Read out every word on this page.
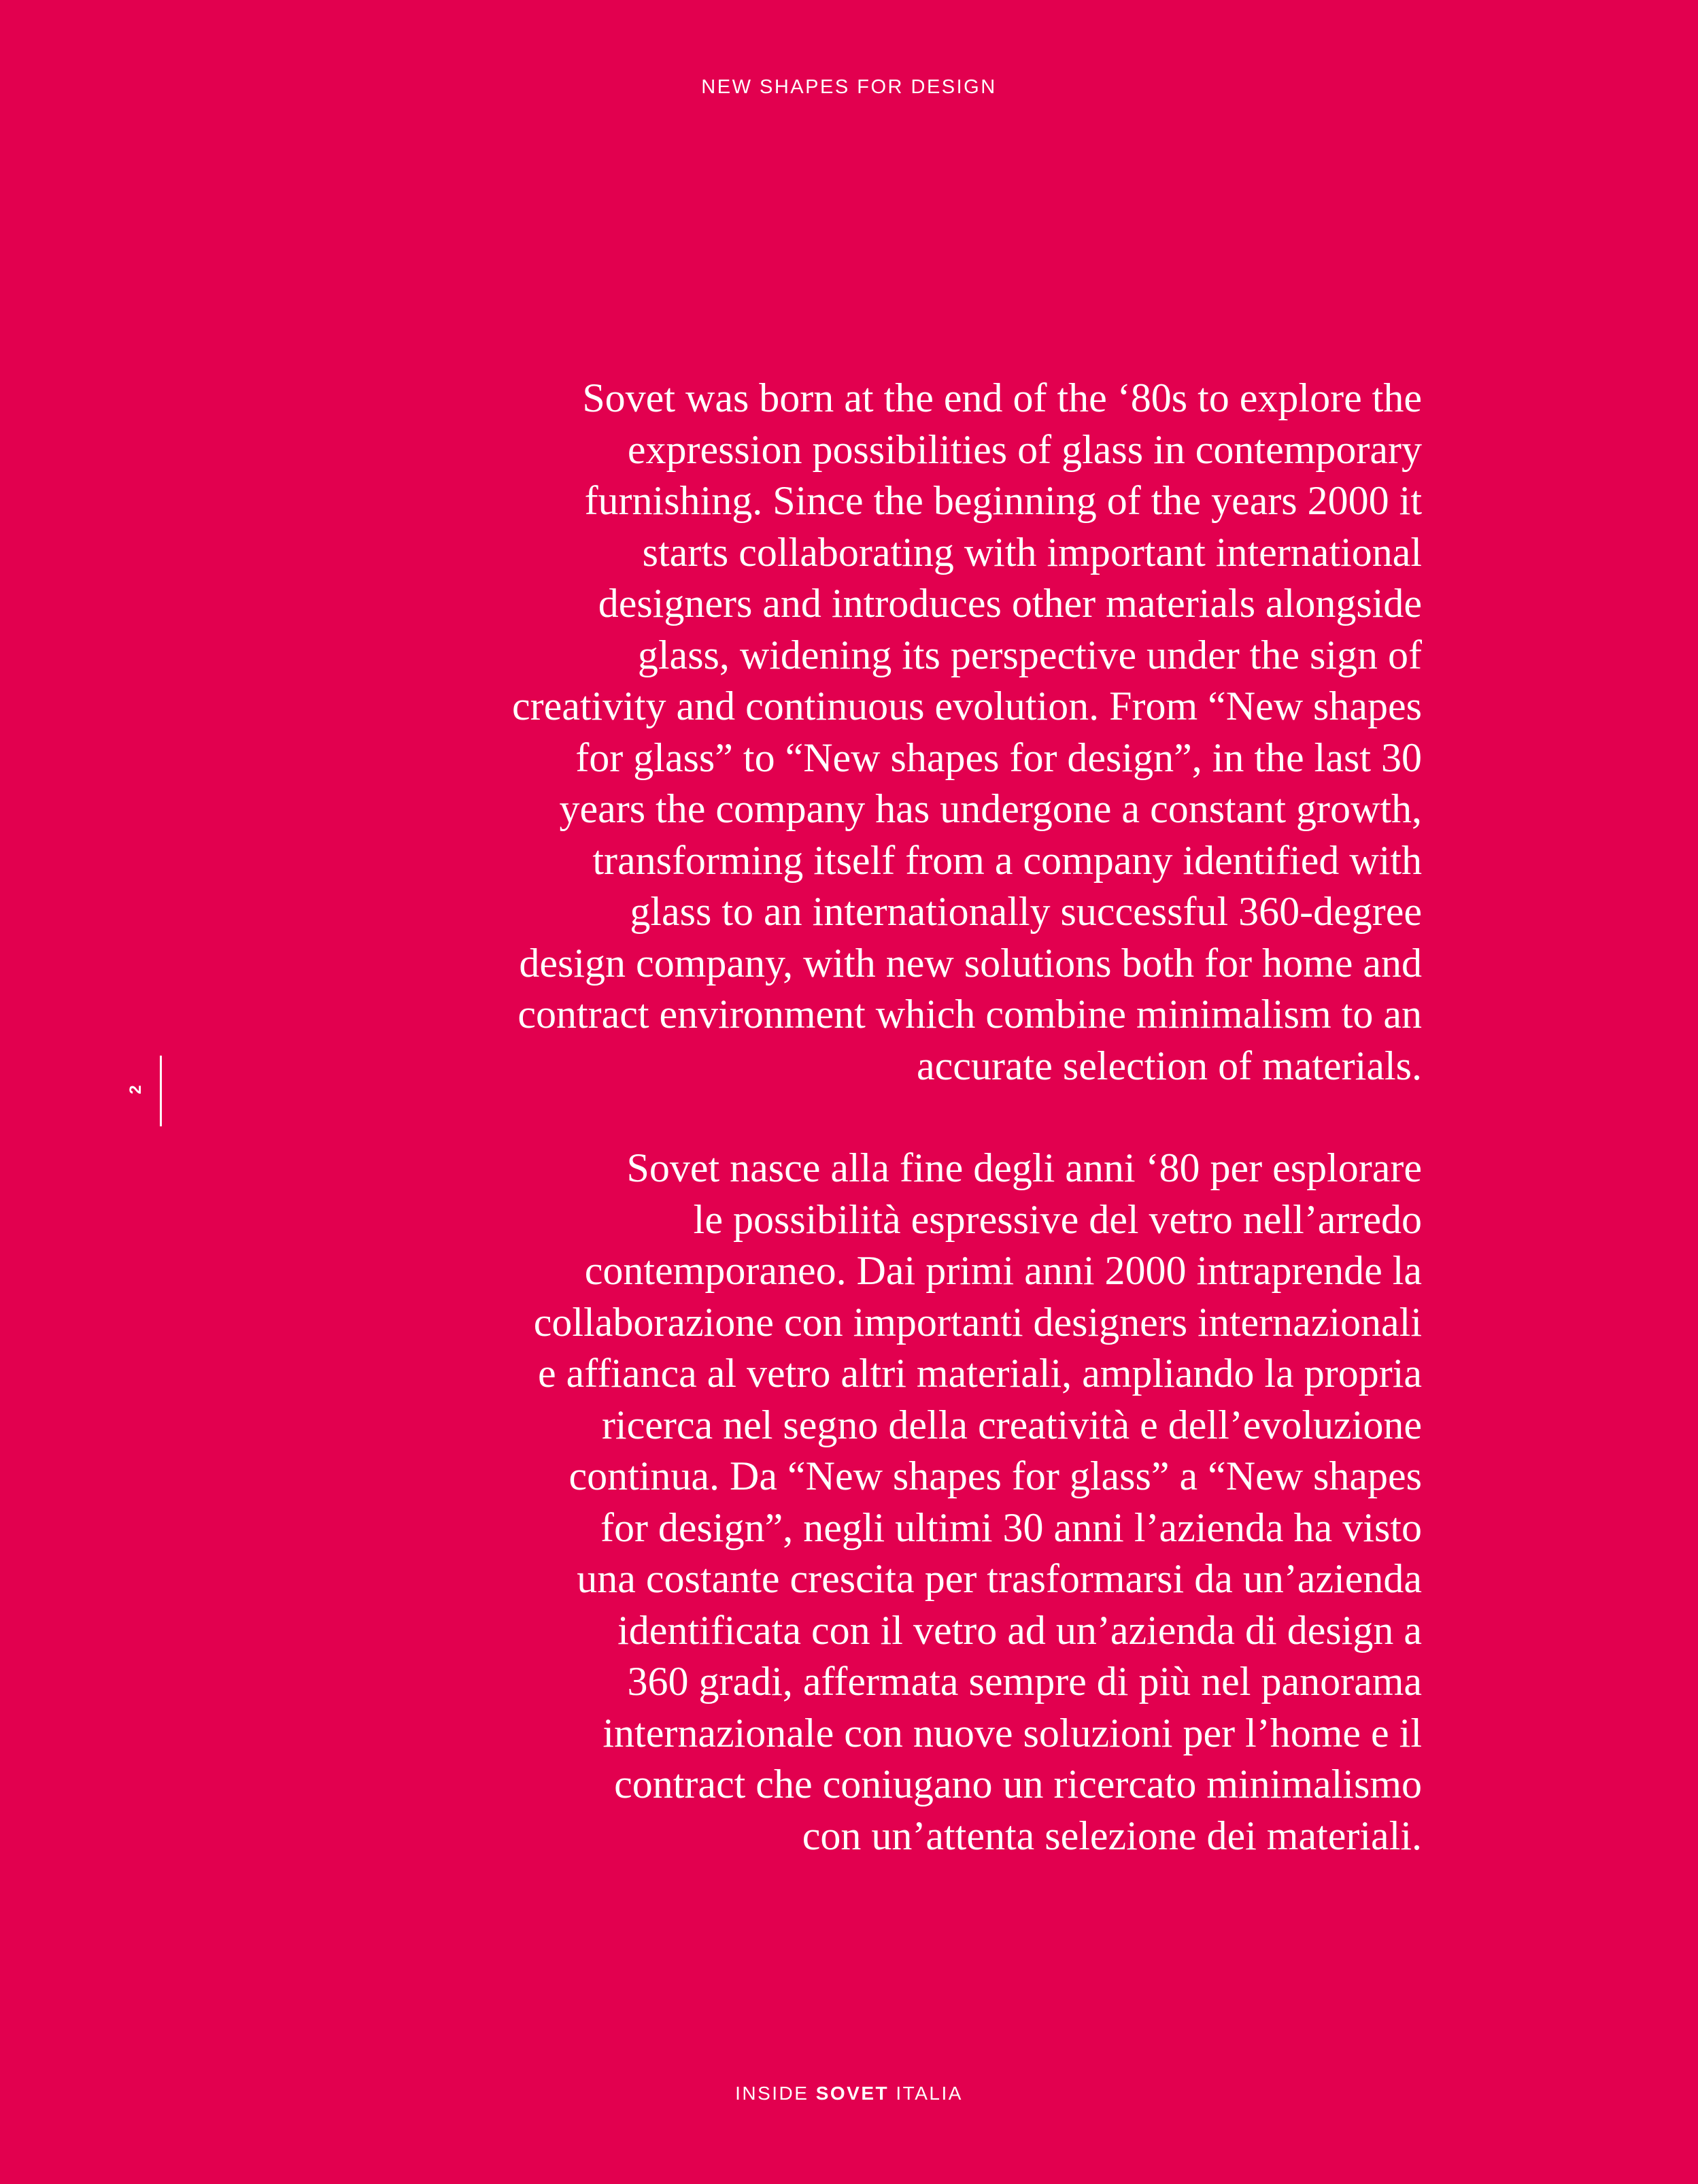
NEW SHAPES FOR DESIGN
2
Sovet was born at the end of the ‘80s to explore the
expression possibilities of glass in contemporary
furnishing. Since the beginning of the years 2000 it
starts collaborating with important international
designers and introduces other materials alongside
glass, widening its perspective under the sign of
creativity and continuous evolution. From “New shapes
for glass” to “New shapes for design”, in the last 30
years the company has undergone a constant growth,
transforming itself from a company identified with
glass to an internationally successful 360-degree
design company, with new solutions both for home and
contract environment which combine minimalism to an
accurate selection of materials.
Sovet nasce alla fine degli anni ‘80 per esplorare
le possibilità espressive del vetro nell’arredo
contemporaneo. Dai primi anni 2000 intraprende la
collaborazione con importanti designers internazionali
e affianca al vetro altri materiali, ampliando la propria
ricerca nel segno della creatività e dell’evoluzione
continua. Da “New shapes for glass” a “New shapes
for design”, negli ultimi 30 anni l’azienda ha visto
una costante crescita per trasformarsi da un’azienda
identificata con il vetro ad un’azienda di design a
360 gradi, affermata sempre di più nel panorama
internazionale con nuove soluzioni per l’home e il
contract che coniugano un ricercato minimalismo
con un’attenta selezione dei materiali.
INSIDE SOVET ITALIA
